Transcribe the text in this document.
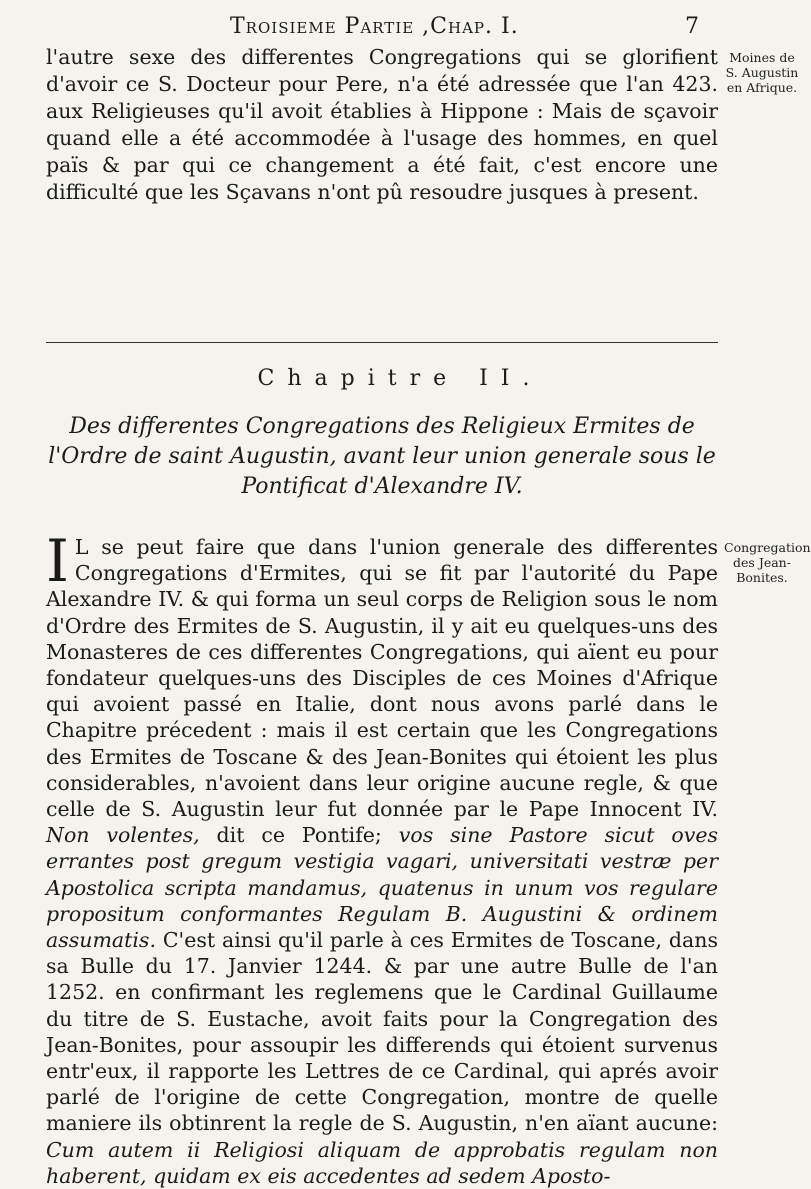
Troisieme Partie ,Chap. I.	7

l'autre sexe des differentes Congregations qui se glorifient d'avoir ce S. Docteur pour Pere, n'a été adressée que l'an 423. aux Religieuses qu'il avoit établies à Hippone : Mais de sçavoir quand elle a été accommodée à l'usage des hommes, en quel païs & par qui ce changement a été fait, c'est encore une difficulté que les Sçavans n'ont pû resoudre jusques à present.

Moines de S. Augustin en Afrique.
Chapitre II.
Des differentes Congregations des Religieux Ermites de l'Ordre de saint Augustin, avant leur union generale sous le Pontificat d'Alexandre IV.

I L se peut faire que dans l'union generale des differentes Congregations d'Ermites, qui se fit par l'autorité du Pape Alexandre IV. & qui forma un seul corps de Religion sous le nom d'Ordre des Ermites de S. Augustin, il y ait eu quelques-uns des Monasteres de ces differentes Congregations, qui aïent eu pour fondateur quelques-uns des Disciples de ces Moines d'Afrique qui avoient passé en Italie, dont nous avons parlé dans le Chapitre précedent : mais il est certain que les Congregations des Ermites de Toscane & des Jean-Bonites qui étoient les plus considerables, n'avoient dans leur origine aucune regle, & que celle de S. Augustin leur fut donnée par le Pape Innocent IV. Non volentes, dit ce Pontife; vos sine Pastore sicut oves errantes post gregum vestigia vagari, universitati vestræ per Apostolica scripta mandamus, quatenus in unum vos regulare propositum conformantes Regulam B. Augustini & ordinem assumatis. C'est ainsi qu'il parle à ces Ermites de Toscane, dans sa Bulle du 17. Janvier 1244. & par une autre Bulle de l'an 1252. en confirmant les reglemens que le Cardinal Guillaume du titre de S. Eustache, avoit faits pour la Congregation des Jean-Bonites, pour assoupir les differends qui étoient survenus entr'eux, il rapporte les Lettres de ce Cardinal, qui aprés avoir parlé de l'origine de cette Congregation, montre de quelle maniere ils obtinrent la regle de S. Augustin, n'en aïant aucune: Cum autem ii Religiosi aliquam de approbatis regulam non haberent, quidam ex eis accedentes ad sedem Aposto-

Congregation des Jean-Bonites.
